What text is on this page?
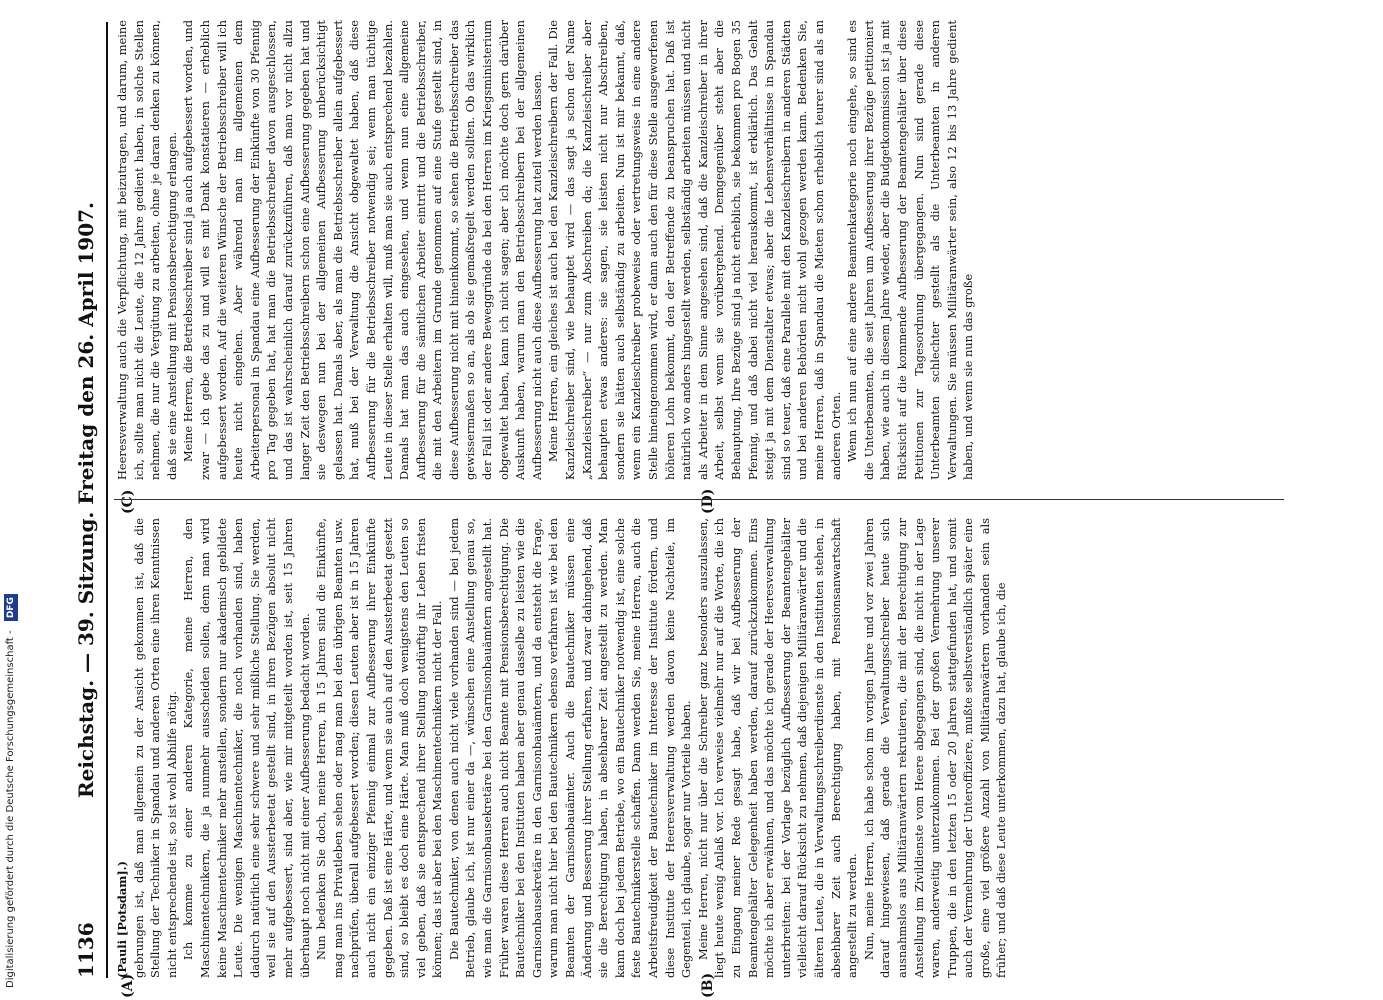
Digitalisierung gefördert durch die Deutsche Forschungsgemeinschaft - DFG
1136
Reichstag. — 39. Sitzung. Freitag den 26. April 1907.
(A)	(B)
(C)	(D)

(Pauli [Potsdam].) gebrungen ist, daß man allgemein zu der Ansicht gekommen ist, daß die Stellung der Techniker in Spandau und anderen Orten eine ihren Kenntnissen nicht entsprechende ist, so ist wohl Abhilfe nötig. Ich komme zu einer anderen Kategorie, meine Herren, den Maschinentechnikern, die ja nunmehr ausscheiden sollen, denn man wird keine Maschinentechniker mehr anstellen, sondern nur akademisch gebildete Leute. Die wenigen Maschinentechniker, die noch vorhanden sind, haben dadurch natürlich eine sehr schwere und sehr mißliche Stellung. Sie werden, weil sie auf den Aussterbeetat gestellt sind, in ihren Bezügen absolut nicht mehr aufgebessert, sind aber, wie mir mitgeteilt worden ist, seit 15 Jahren überhaupt noch nicht mit einer Aufbesserung bedacht worden. Nun bedenken Sie doch, meine Herren, in 15 Jahren sind die Einkünfte, mag man ins Privatleben sehen oder mag man bei den übrigen Beamten usw. nachprüfen, überall aufgebessert worden; diesen Leuten aber ist in 15 Jahren auch nicht ein einziger Pfennig einmal zur Aufbesserung ihrer Einkünfte gegeben. Daß ist eine Härte, und wenn sie auch auf den Aussterbeetat gesetzt sind, so bleibt es doch eine Härte. Man muß doch wenigstens den Leuten so viel geben, daß sie entsprechend ihrer Stellung notdürftig ihr Leben fristen können; das ist aber bei den Maschinentechnikern nicht der Fall. Die Bautechniker, von denen auch nicht viele vorhanden sind — bei jedem Betrieb, glaube ich, ist nur einer da —, wünschen eine Anstellung genau so, wie man die Garnisonbausekretäre bei den Garnisonbauämtern angestellt hat. Früher waren diese Herren auch nicht Beamte mit Pensionsberechtigung. Die Bautechniker bei den Instituten haben aber genau dasselbe zu leisten wie die Garnisonbausekretäre in den Garnisonbauämtern, und da entsteht die Frage, warum man nicht hier bei den Bautechnikern ebenso verfahren ist wie bei den Beamten der Garnisonbauämter. Auch die Bautechniker müssen eine Änderung und Besserung ihrer Stellung erfahren, und zwar dahingehend, daß sie die Berechtigung haben, in absehbarer Zeit angestellt zu werden. Man kann doch bei jedem Betriebe, wo ein Bautechniker notwendig ist, eine solche feste Bautechnikerstelle schaffen. Dann werden Sie, meine Herren, auch die Arbeitsfreudigkeit der Bautechniker im Interesse der Institute fördern, und diese Institute der Heeresverwaltung werden davon keine Nachteile, im Gegenteil, ich glaube, sogar nur Vorteile haben. Meine Herren, nicht nur über die Schreiber ganz besonders auszulassen, liegt heute wenig Anlaß vor. Ich verweise vielmehr nur auf die Worte, die ich zu Eingang meiner Rede gesagt habe, daß wir bei Aufbesserung der Beamtengehälter Gelegenheit haben werden, darauf zurückzukommen. Eins möchte ich aber erwähnen, und das möchte ich gerade der Heeresverwaltung unterbreiten: bei der Vorlage bezüglich Aufbesserung der Beamtengehälter vielleicht darauf Rücksicht zu nehmen, daß diejenigen Militäranwärter und die älteren Leute, die in Verwaltungsschreiberdienste in den Instituten stehen, in absehbarer Zeit auch Berechtigung haben, mit Pensionsanwartschaft angestellt zu werden. Nun, meine Herren, ich habe schon im vorigen Jahre und vor zwei Jahren darauf hingewiesen, daß gerade die Verwaltungsschreiber heute sich ausnahmslos aus Militäranwärtern rekrutieren, die mit der Berechtigung zur Anstellung im Zivildienste vom Heere abgegangen sind, die nicht in der Lage waren, anderweitig unterzukommen. Bei der großen Vermehrung unserer Truppen, die in den letzten 15 oder 20 Jahren stattgefunden hat, und somit auch der Vermehrung der Unteroffiziere, mußte selbstverständlich später eine große, eine viel größere Anzahl von Militäranwärtern vorhanden sein als früher; und daß diese Leute unterkommen, dazu hat, glaube ich, die

Heeresverwaltung auch die Verpflichtung, mit beizutragen, und darum, meine ich, sollte man nicht die Leute, die 12 Jahre gedient haben, in solche Stellen nehmen, die nur die Vergütung zu arbeiten, ohne je daran denken zu können, daß sie eine Anstellung mit Pensionsberechtigung erlangen. Meine Herren, die Betriebsschreiber sind ja auch aufgebessert worden, und zwar — ich gebe das zu und will es mit Dank konstatieren — erheblich aufgebessert worden. Auf die weiteren Wünsche der Betriebsschreiber will ich heute nicht eingehen. Aber während man im allgemeinen dem Arbeiterpersonal in Spandau eine Aufbesserung der Einkünfte von 30 Pfennig pro Tag gegeben hat, hat man die Betriebsschreiber davon ausgeschlossen, und das ist wahrscheinlich darauf zurückzuführen, daß man vor nicht allzu langer Zeit den Betriebsschreibern schon eine Aufbesserung gegeben hat und sie deswegen nun bei der allgemeinen Aufbesserung unberücksichtigt gelassen hat. Damals aber, als man die Betriebsschreiber allein aufgebessert hat, muß bei der Verwaltung die Ansicht obgewaltet haben, daß diese Aufbesserung für die Betriebsschreiber notwendig sei; wenn man tüchtige Leute in dieser Stelle erhalten will, muß man sie auch entsprechend bezahlen. Damals hat man das auch eingesehen, und wenn nun eine allgemeine Aufbesserung für die sämtlichen Arbeiter eintritt und die Betriebsschreiber, die mit den Arbeitern im Grunde genommen auf eine Stufe gestellt sind, in diese Aufbesserung nicht mit hineinkommt, so sehen die Betriebsschreiber das gewissermaßen so an, als ob sie gemaßregelt werden sollten. Ob das wirklich der Fall ist oder andere Beweggründe da bei den Herren im Kriegsministerium obgewaltet haben, kann ich nicht sagen; aber ich möchte doch gern darüber Auskunft haben, warum man den Betriebsschreibern bei der allgemeinen Aufbesserung nicht auch diese Aufbesserung hat zuteil werden lassen. Meine Herren, ein gleiches ist auch bei den Kanzleischreibern der Fall. Die Kanzleischreiber sind, wie behauptet wird — das sagt ja schon der Name „Kanzleischreiber“ — nur zum Abschreiben da; die Kanzleischreiber aber behaupten etwas anderes: sie sagen, sie leisten nicht nur Abschreiben, sondern sie hätten auch selbständig zu arbeiten. Nun ist mir bekannt, daß, wenn ein Kanzleischreiber probeweise oder vertretungsweise in eine andere Stelle hineingenommen wird, er dann auch den für diese Stelle ausgeworfenen höheren Lohn bekommt, den der Betreffende zu beanspruchen hat. Daß ist natürlich wo anders hingestellt werden, selbständig arbeiten müssen und nicht als Arbeiter in dem Sinne angesehen sind, daß die Kanzleischreiber in ihrer Arbeit, selbst wenn sie vorübergehend. Demgegenüber steht aber die Behauptung, Ihre Bezüge sind ja nicht erheblich, sie bekommen pro Bogen 35 Pfennig, und daß dabei nicht viel herauskommt, ist erklärlich. Das Gehalt steigt ja mit dem Dienstalter etwas; aber die Lebensverhältnisse in Spandau sind so teuer, daß eine Parallele mit den Kanzleischreibern in anderen Städten und bei anderen Behörden nicht wohl gezogen werden kann. Bedenken Sie, meine Herren, daß in Spandau die Mieten schon erheblich teurer sind als an anderen Orten. Wenn ich nun auf eine andere Beamtenkategorie noch eingehe, so sind es die Unterbeamten, die seit Jahren um Aufbesserung ihrer Bezüge petitioniert haben, wie auch in diesem Jahre wieder, aber die Budgetkommission ist ja mit Rücksicht auf die kommende Aufbesserung der Beamtengehälter über diese Petitionen zur Tagesordnung übergegangen. Nun sind gerade diese Unterbeamten schlechter gestellt als die Unterbeamten in anderen Verwaltungen. Sie müssen Militäranwärter sein, also 12 bis 13 Jahre gedient haben, und wenn sie nun das große
